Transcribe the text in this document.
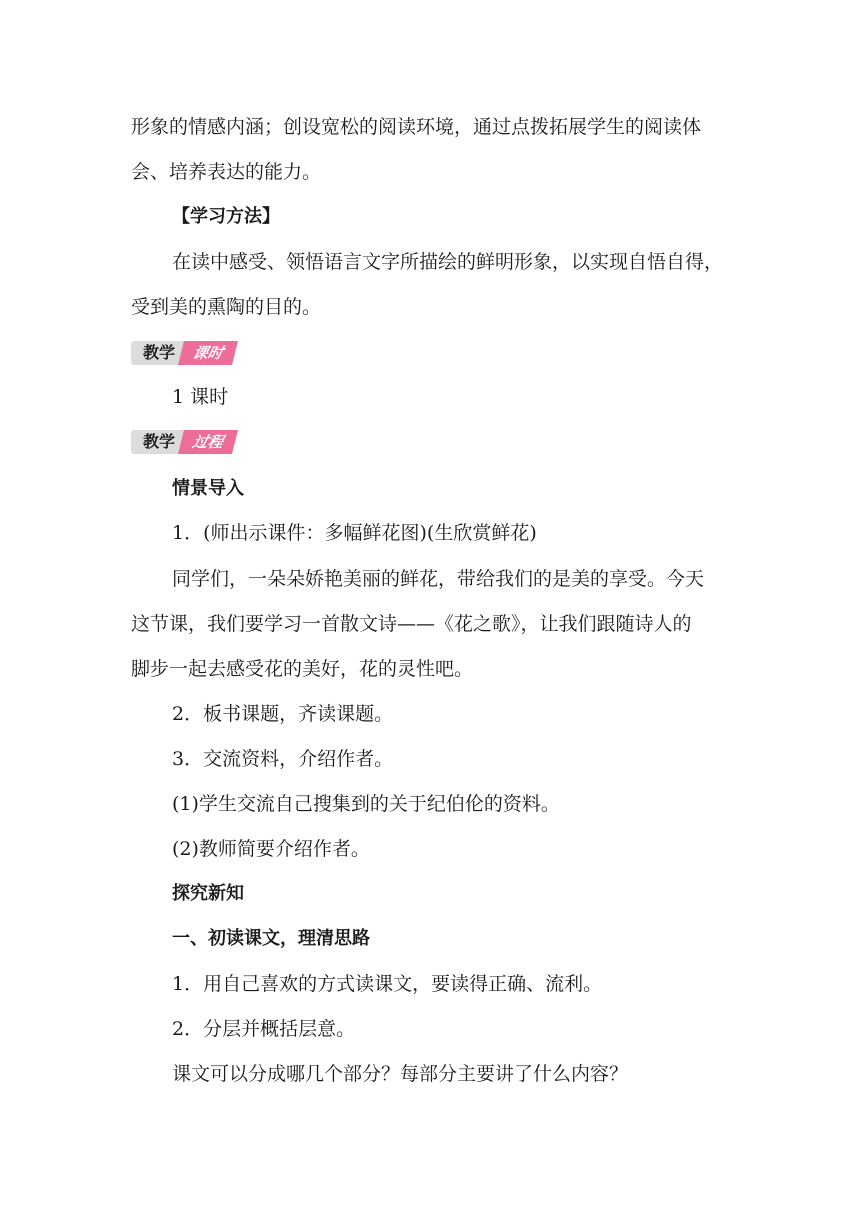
形象的情感内涵；创设宽松的阅读环境，通过点拨拓展学生的阅读体
会、培养表达的能力。
【学习方法】
在读中感受、领悟语言文字所描绘的鲜明形象，以实现自悟自得，
受到美的熏陶的目的。
教学	课时
1 课时
教学	过程
情景导入
1．(师出示课件：多幅鲜花图)(生欣赏鲜花)
同学们，一朵朵娇艳美丽的鲜花，带给我们的是美的享受。今天
这节课，我们要学习一首散文诗——《花之歌》，让我们跟随诗人的
脚步一起去感受花的美好，花的灵性吧。
2．板书课题，齐读课题。
3．交流资料，介绍作者。
(1)学生交流自己搜集到的关于纪伯伦的资料。
(2)教师简要介绍作者。
探究新知
一、初读课文，理清思路
1．用自己喜欢的方式读课文，要读得正确、流利。
2．分层并概括层意。
课文可以分成哪几个部分？每部分主要讲了什么内容？
